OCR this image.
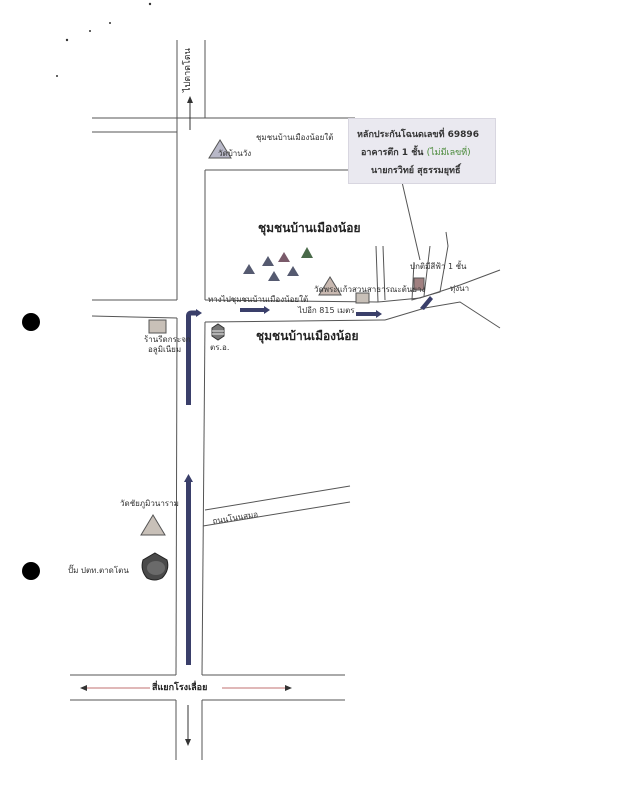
ไปตาดโตน
ชุมชนบ้านเมืองน้อยใต้
วัดบ้านวัง
ชุมชนบ้านเมืองน้อย
ทางไปชุมชนบ้านเมืองน้อยใต้
วัดพระแก้ว สวนสาธารณะต้นยาง
ไปอีก 815 เมตร
ชุมชนบ้านเมืองน้อย
ตร.อ.
ร้านรีดกระจก
อลูมิเนียม
ปกติมีสีฟ้า 1 ชั้น
ทุ่งนา
ถนนโนนสมอ
วัดชัยภูมิวนาราม
ปั๊ม ปตท.ตาดโตน
สี่แยกโรงเลื่อย
หลักประกันโฉนดเลขที่ 69896
อาคารตึก 1 ชั้น (ไม่มีเลขที่)
นายกรวิทย์ สุธรรมยุทธิ์
